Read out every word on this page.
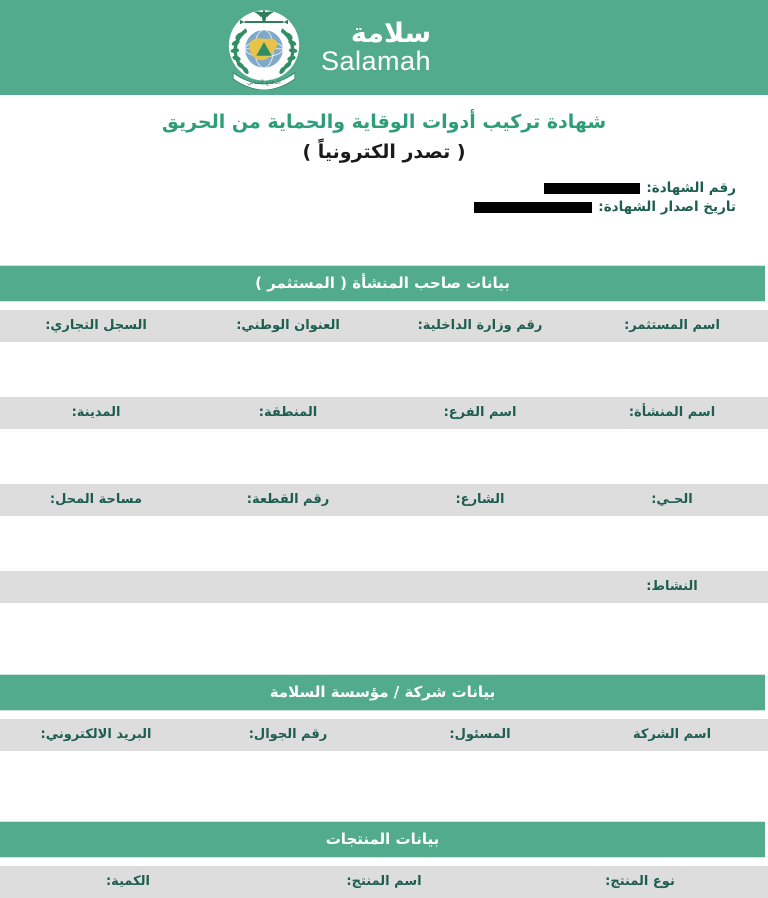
سلامة
Salamah
الدفاع المدني
شهادة تركيب أدوات الوقاية والحماية من الحريق
( تصدر الكترونياً )
رقم الشهادة:
تاريخ اصدار الشهادة:
بيانات صاحب المنشأة ( المستثمر )
اسم المستثمر:
رقم وزارة الداخلية:
العنوان الوطني:
السجل التجاري:
اسم المنشأة:
اسم الفرع:
المنطقة:
المدينة:
الحـي:
الشارع:
رقم القطعة:
مساحة المحل:
النشاط:
بيانات شركة / مؤسسة السلامة
اسم الشركة
المسئول:
رقم الجوال:
البريد الالكتروني:
بيانات المنتجات
نوع المنتج:
اسم المنتج:
الكمية:
